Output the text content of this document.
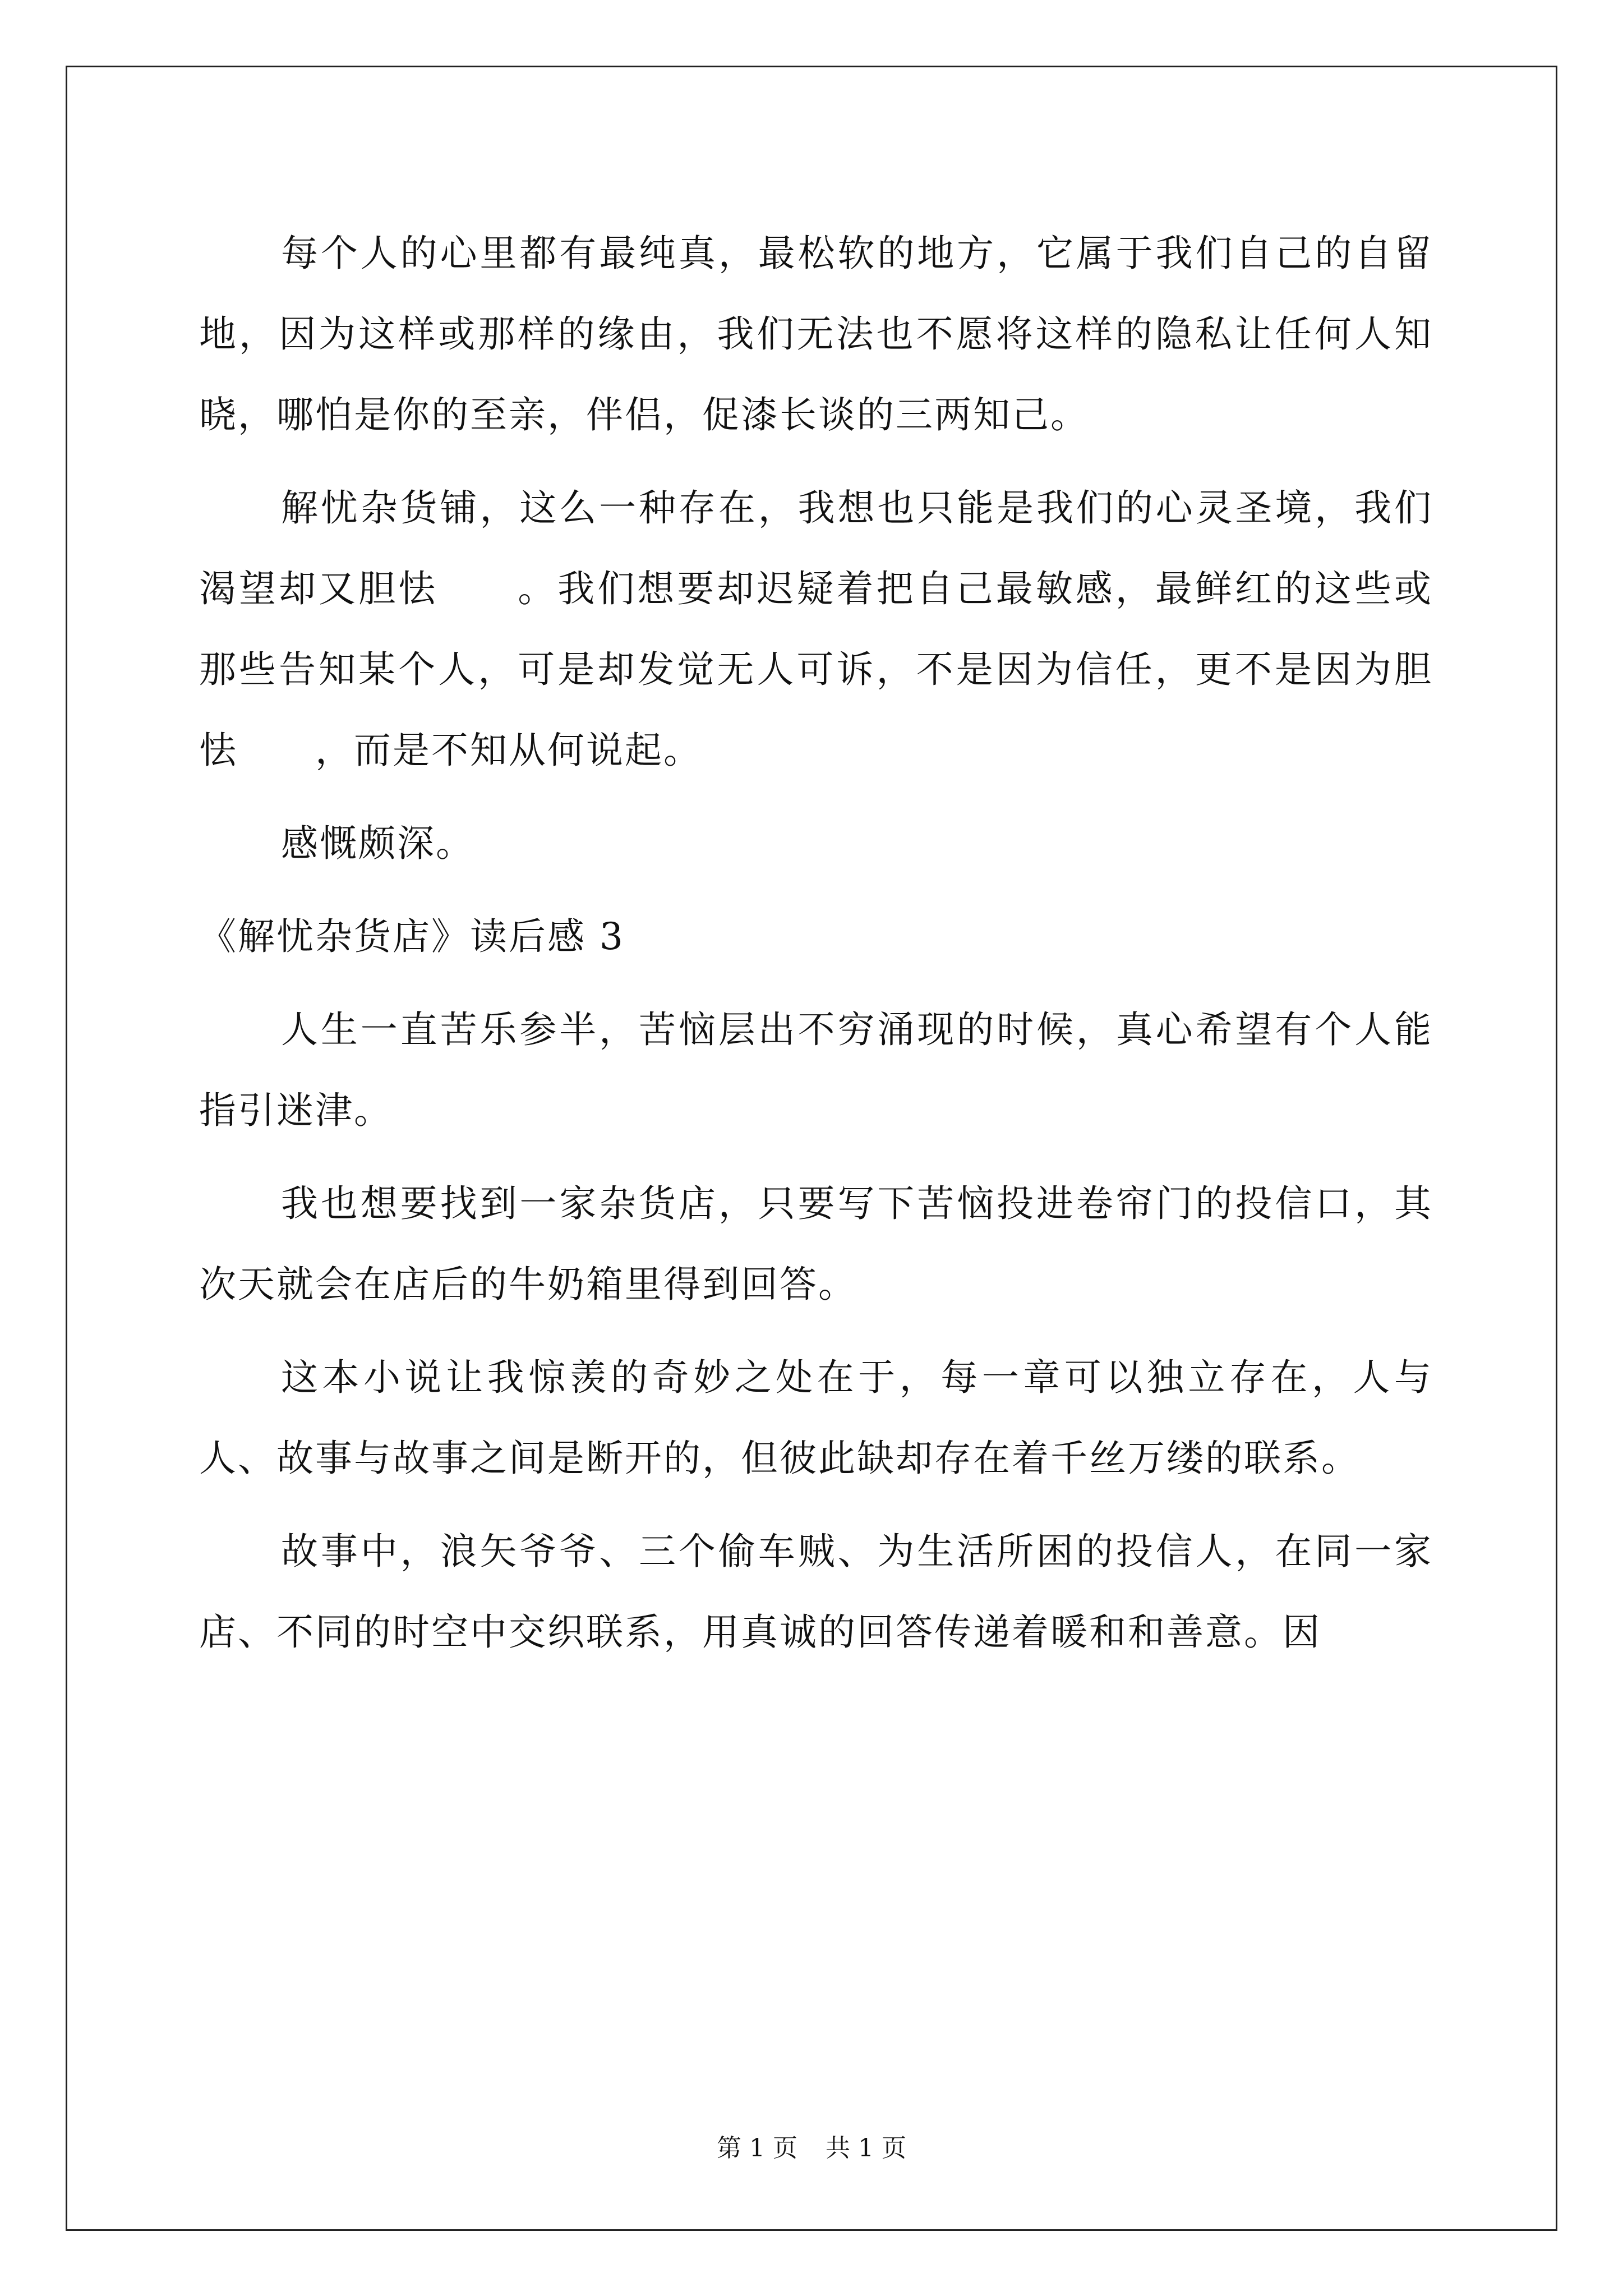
每个人的心里都有最纯真，最松软的地方，它属于我们自己的自留地，因为这样或那样的缘由，我们无法也不愿将这样的隐私让任何人知晓，哪怕是你的至亲，伴侣，促漆长谈的三两知己。

解忧杂货铺，这么一种存在，我想也只能是我们的心灵圣境，我们渴望却又胆怯　　。我们想要却迟疑着把自己最敏感，最鲜红的这些或那些告知某个人，可是却发觉无人可诉，不是因为信任，更不是因为胆怯　　，而是不知从何说起。

感慨颇深。

《解忧杂货店》读后感 3

人生一直苦乐参半，苦恼层出不穷涌现的时候，真心希望有个人能指引迷津。

我也想要找到一家杂货店，只要写下苦恼投进卷帘门的投信口，其次天就会在店后的牛奶箱里得到回答。

这本小说让我惊羡的奇妙之处在于，每一章可以独立存在，人与人、故事与故事之间是断开的，但彼此缺却存在着千丝万缕的联系。

故事中，浪矢爷爷、三个偷车贼、为生活所困的投信人，在同一家店、不同的时空中交织联系，用真诚的回答传递着暖和和善意。因

第 1 页 共 1 页
